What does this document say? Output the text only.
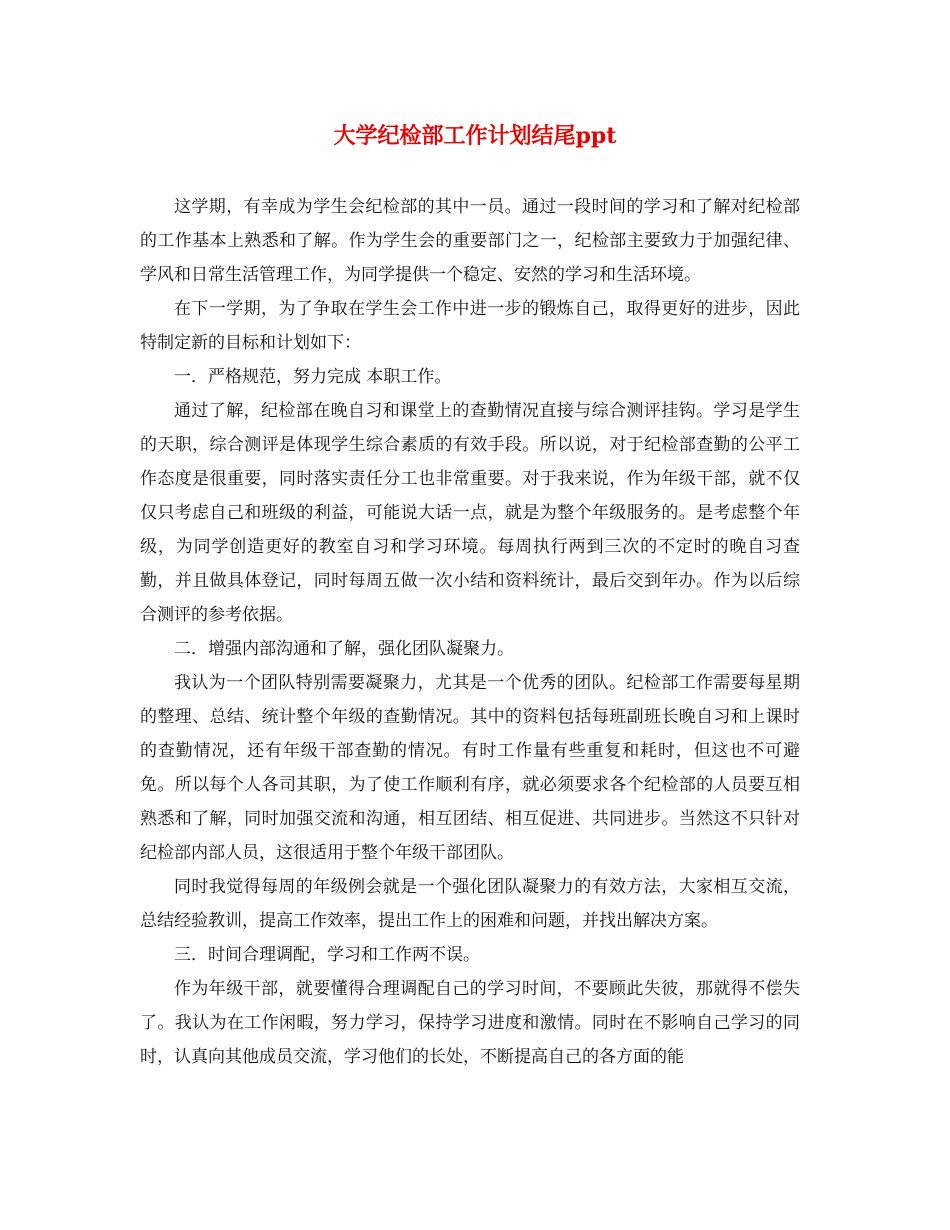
大学纪检部工作计划结尾ppt

这学期，有幸成为学生会纪检部的其中一员。通过一段时间的学习和了解对纪检部的工作基本上熟悉和了解。作为学生会的重要部门之一，纪检部主要致力于加强纪律、学风和日常生活管理工作，为同学提供一个稳定、安然的学习和生活环境。

在下一学期，为了争取在学生会工作中进一步的锻炼自己，取得更好的进步，因此特制定新的目标和计划如下：

一．严格规范，努力完成 本职工作。

通过了解，纪检部在晚自习和课堂上的查勤情况直接与综合测评挂钩。学习是学生的天职，综合测评是体现学生综合素质的有效手段。所以说，对于纪检部查勤的公平工作态度是很重要，同时落实责任分工也非常重要。对于我来说，作为年级干部，就不仅仅只考虑自己和班级的利益，可能说大话一点，就是为整个年级服务的。是考虑整个年级，为同学创造更好的教室自习和学习环境。每周执行两到三次的不定时的晚自习查勤，并且做具体登记，同时每周五做一次小结和资料统计，最后交到年办。作为以后综合测评的参考依据。

二．增强内部沟通和了解，强化团队凝聚力。

我认为一个团队特别需要凝聚力，尤其是一个优秀的团队。纪检部工作需要每星期的整理、总结、统计整个年级的查勤情况。其中的资料包括每班副班长晚自习和上课时的查勤情况，还有年级干部查勤的情况。有时工作量有些重复和耗时，但这也不可避免。所以每个人各司其职，为了使工作顺利有序，就必须要求各个纪检部的人员要互相熟悉和了解，同时加强交流和沟通，相互团结、相互促进、共同进步。当然这不只针对纪检部内部人员，这很适用于整个年级干部团队。

同时我觉得每周的年级例会就是一个强化团队凝聚力的有效方法，大家相互交流，总结经验教训，提高工作效率，提出工作上的困难和问题，并找出解决方案。

三．时间合理调配，学习和工作两不误。

作为年级干部，就要懂得合理调配自己的学习时间，不要顾此失彼，那就得不偿失了。我认为在工作闲暇，努力学习，保持学习进度和激情。同时在不影响自己学习的同时，认真向其他成员交流，学习他们的长处，不断提高自己的各方面的能
